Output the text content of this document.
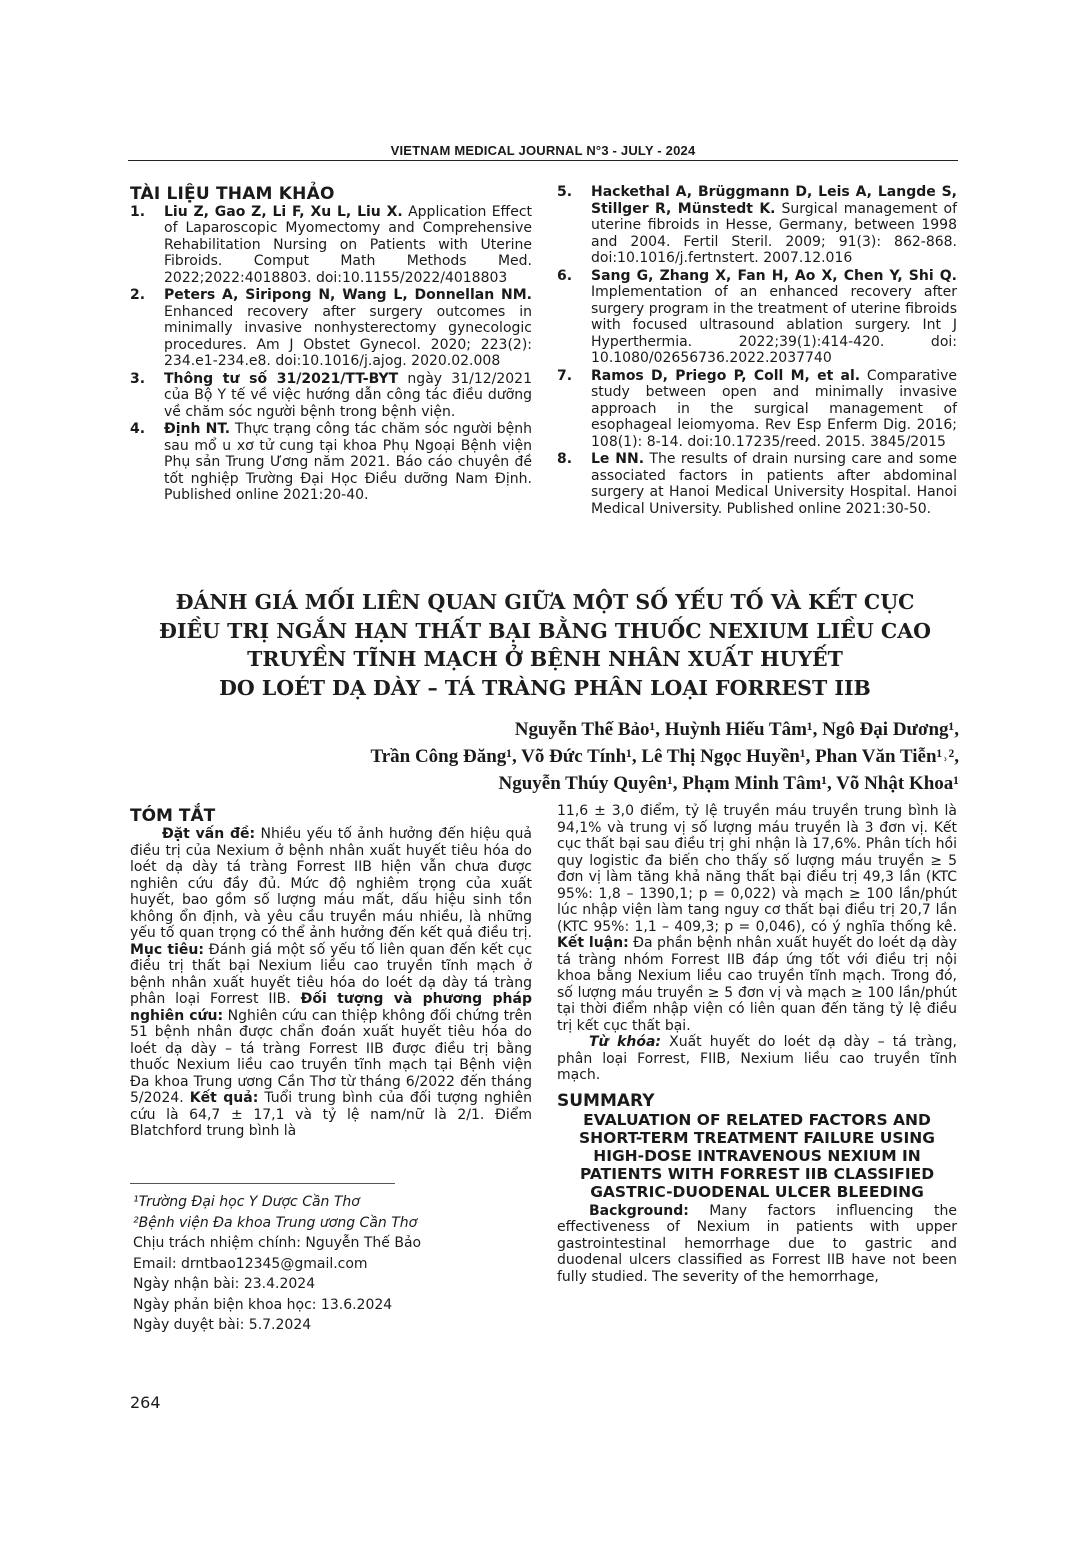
VIETNAM MEDICAL JOURNAL N°3 - JULY - 2024
TÀI LIỆU THAM KHẢO
1. Liu Z, Gao Z, Li F, Xu L, Liu X. Application Effect of Laparoscopic Myomectomy and Comprehensive Rehabilitation Nursing on Patients with Uterine Fibroids. Comput Math Methods Med. 2022;2022:4018803. doi:10.1155/2022/4018803
2. Peters A, Siripong N, Wang L, Donnellan NM. Enhanced recovery after surgery outcomes in minimally invasive nonhysterectomy gynecologic procedures. Am J Obstet Gynecol. 2020; 223(2): 234.e1-234.e8. doi:10.1016/j.ajog. 2020.02.008
3. Thông tư số 31/2021/TT-BYT ngày 31/12/2021 của Bộ Y tế về việc hướng dẫn công tác điều dưỡng về chăm sóc người bệnh trong bệnh viện.
4. Định NT. Thực trạng công tác chăm sóc người bệnh sau mổ u xơ tử cung tại khoa Phụ Ngoại Bệnh viện Phụ sản Trung Ương năm 2021. Báo cáo chuyên đề tốt nghiệp Trường Đại Học Điều dưỡng Nam Định. Published online 2021:20-40.
5. Hackethal A, Brüggmann D, Leis A, Langde S, Stillger R, Münstedt K. Surgical management of uterine fibroids in Hesse, Germany, between 1998 and 2004. Fertil Steril. 2009; 91(3): 862-868. doi:10.1016/j.fertnstert. 2007.12.016
6. Sang G, Zhang X, Fan H, Ao X, Chen Y, Shi Q. Implementation of an enhanced recovery after surgery program in the treatment of uterine fibroids with focused ultrasound ablation surgery. Int J Hyperthermia. 2022;39(1):414-420. doi: 10.1080/02656736.2022.2037740
7. Ramos D, Priego P, Coll M, et al. Comparative study between open and minimally invasive approach in the surgical management of esophageal leiomyoma. Rev Esp Enferm Dig. 2016; 108(1): 8-14. doi:10.17235/reed. 2015. 3845/2015
8. Le NN. The results of drain nursing care and some associated factors in patients after abdominal surgery at Hanoi Medical University Hospital. Hanoi Medical University. Published online 2021:30-50.
ĐÁNH GIÁ MỐI LIÊN QUAN GIỮA MỘT SỐ YẾU TỐ VÀ KẾT CỤC
ĐIỀU TRỊ NGẮN HẠN THẤT BẠI BẰNG THUỐC NEXIUM LIỀU CAO
TRUYỀN TĨNH MẠCH Ở BỆNH NHÂN XUẤT HUYẾT
DO LOÉT DẠ DÀY – TÁ TRÀNG PHÂN LOẠI FORREST IIB
Nguyễn Thế Bảo¹, Huỳnh Hiếu Tâm¹, Ngô Đại Dương¹,
Trần Công Đăng¹, Võ Đức Tính¹, Lê Thị Ngọc Huyền¹, Phan Văn Tiễn¹˒²,
Nguyễn Thúy Quyên¹, Phạm Minh Tâm¹, Võ Nhật Khoa¹
TÓM TẮT

Đặt vấn đề: Nhiều yếu tố ảnh hưởng đến hiệu quả điều trị của Nexium ở bệnh nhân xuất huyết tiêu hóa do loét dạ dày tá tràng Forrest IIB hiện vẫn chưa được nghiên cứu đầy đủ. Mức độ nghiêm trọng của xuất huyết, bao gồm số lượng máu mất, dấu hiệu sinh tồn không ổn định, và yêu cầu truyền máu nhiều, là những yếu tố quan trọng có thể ảnh hưởng đến kết quả điều trị. Mục tiêu: Đánh giá một số yếu tố liên quan đến kết cục điều trị thất bại Nexium liều cao truyền tĩnh mạch ở bệnh nhân xuất huyết tiêu hóa do loét dạ dày tá tràng phân loại Forrest IIB. Đối tượng và phương pháp nghiên cứu: Nghiên cứu can thiệp không đối chứng trên 51 bệnh nhân được chẩn đoán xuất huyết tiêu hóa do loét dạ dày – tá tràng Forrest IIB được điều trị bằng thuốc Nexium liều cao truyền tĩnh mạch tại Bệnh viện Đa khoa Trung ương Cần Thơ từ tháng 6/2022 đến tháng 5/2024. Kết quả: Tuổi trung bình của đối tượng nghiên cứu là 64,7 ± 17,1 và tỷ lệ nam/nữ là 2/1. Điểm Blatchford trung bình là

11,6 ± 3,0 điểm, tỷ lệ truyền máu truyền trung bình là 94,1% và trung vị số lượng máu truyền là 3 đơn vị. Kết cục thất bại sau điều trị ghi nhận là 17,6%. Phân tích hồi quy logistic đa biến cho thấy số lượng máu truyền ≥ 5 đơn vị làm tăng khả năng thất bại điều trị 49,3 lần (KTC 95%: 1,8 – 1390,1; p = 0,022) và mạch ≥ 100 lần/phút lúc nhập viện làm tang nguy cơ thất bại điều trị 20,7 lần (KTC 95%: 1,1 – 409,3; p = 0,046), có ý nghĩa thống kê. Kết luận: Đa phần bệnh nhân xuất huyết do loét dạ dày tá tràng nhóm Forrest IIB đáp ứng tốt với điều trị nội khoa bằng Nexium liều cao truyền tĩnh mạch. Trong đó, số lượng máu truyền ≥ 5 đơn vị và mạch ≥ 100 lần/phút tại thời điểm nhập viện có liên quan đến tăng tỷ lệ điều trị kết cục thất bại.

Từ khóa: Xuất huyết do loét dạ dày – tá tràng, phân loại Forrest, FIIB, Nexium liều cao truyền tĩnh mạch.

SUMMARY
EVALUATION OF RELATED FACTORS AND SHORT-TERM TREATMENT FAILURE USING HIGH-DOSE INTRAVENOUS NEXIUM IN PATIENTS WITH FORREST IIB CLASSIFIED GASTRIC-DUODENAL ULCER BLEEDING

Background: Many factors influencing the effectiveness of Nexium in patients with upper gastrointestinal hemorrhage due to gastric and duodenal ulcers classified as Forrest IIB have not been fully studied. The severity of the hemorrhage,

¹Trường Đại học Y Dược Cần Thơ
²Bệnh viện Đa khoa Trung ương Cần Thơ
Chịu trách nhiệm chính: Nguyễn Thế Bảo
Email: drntbao12345@gmail.com
Ngày nhận bài: 23.4.2024
Ngày phản biện khoa học: 13.6.2024
Ngày duyệt bài: 5.7.2024
264
